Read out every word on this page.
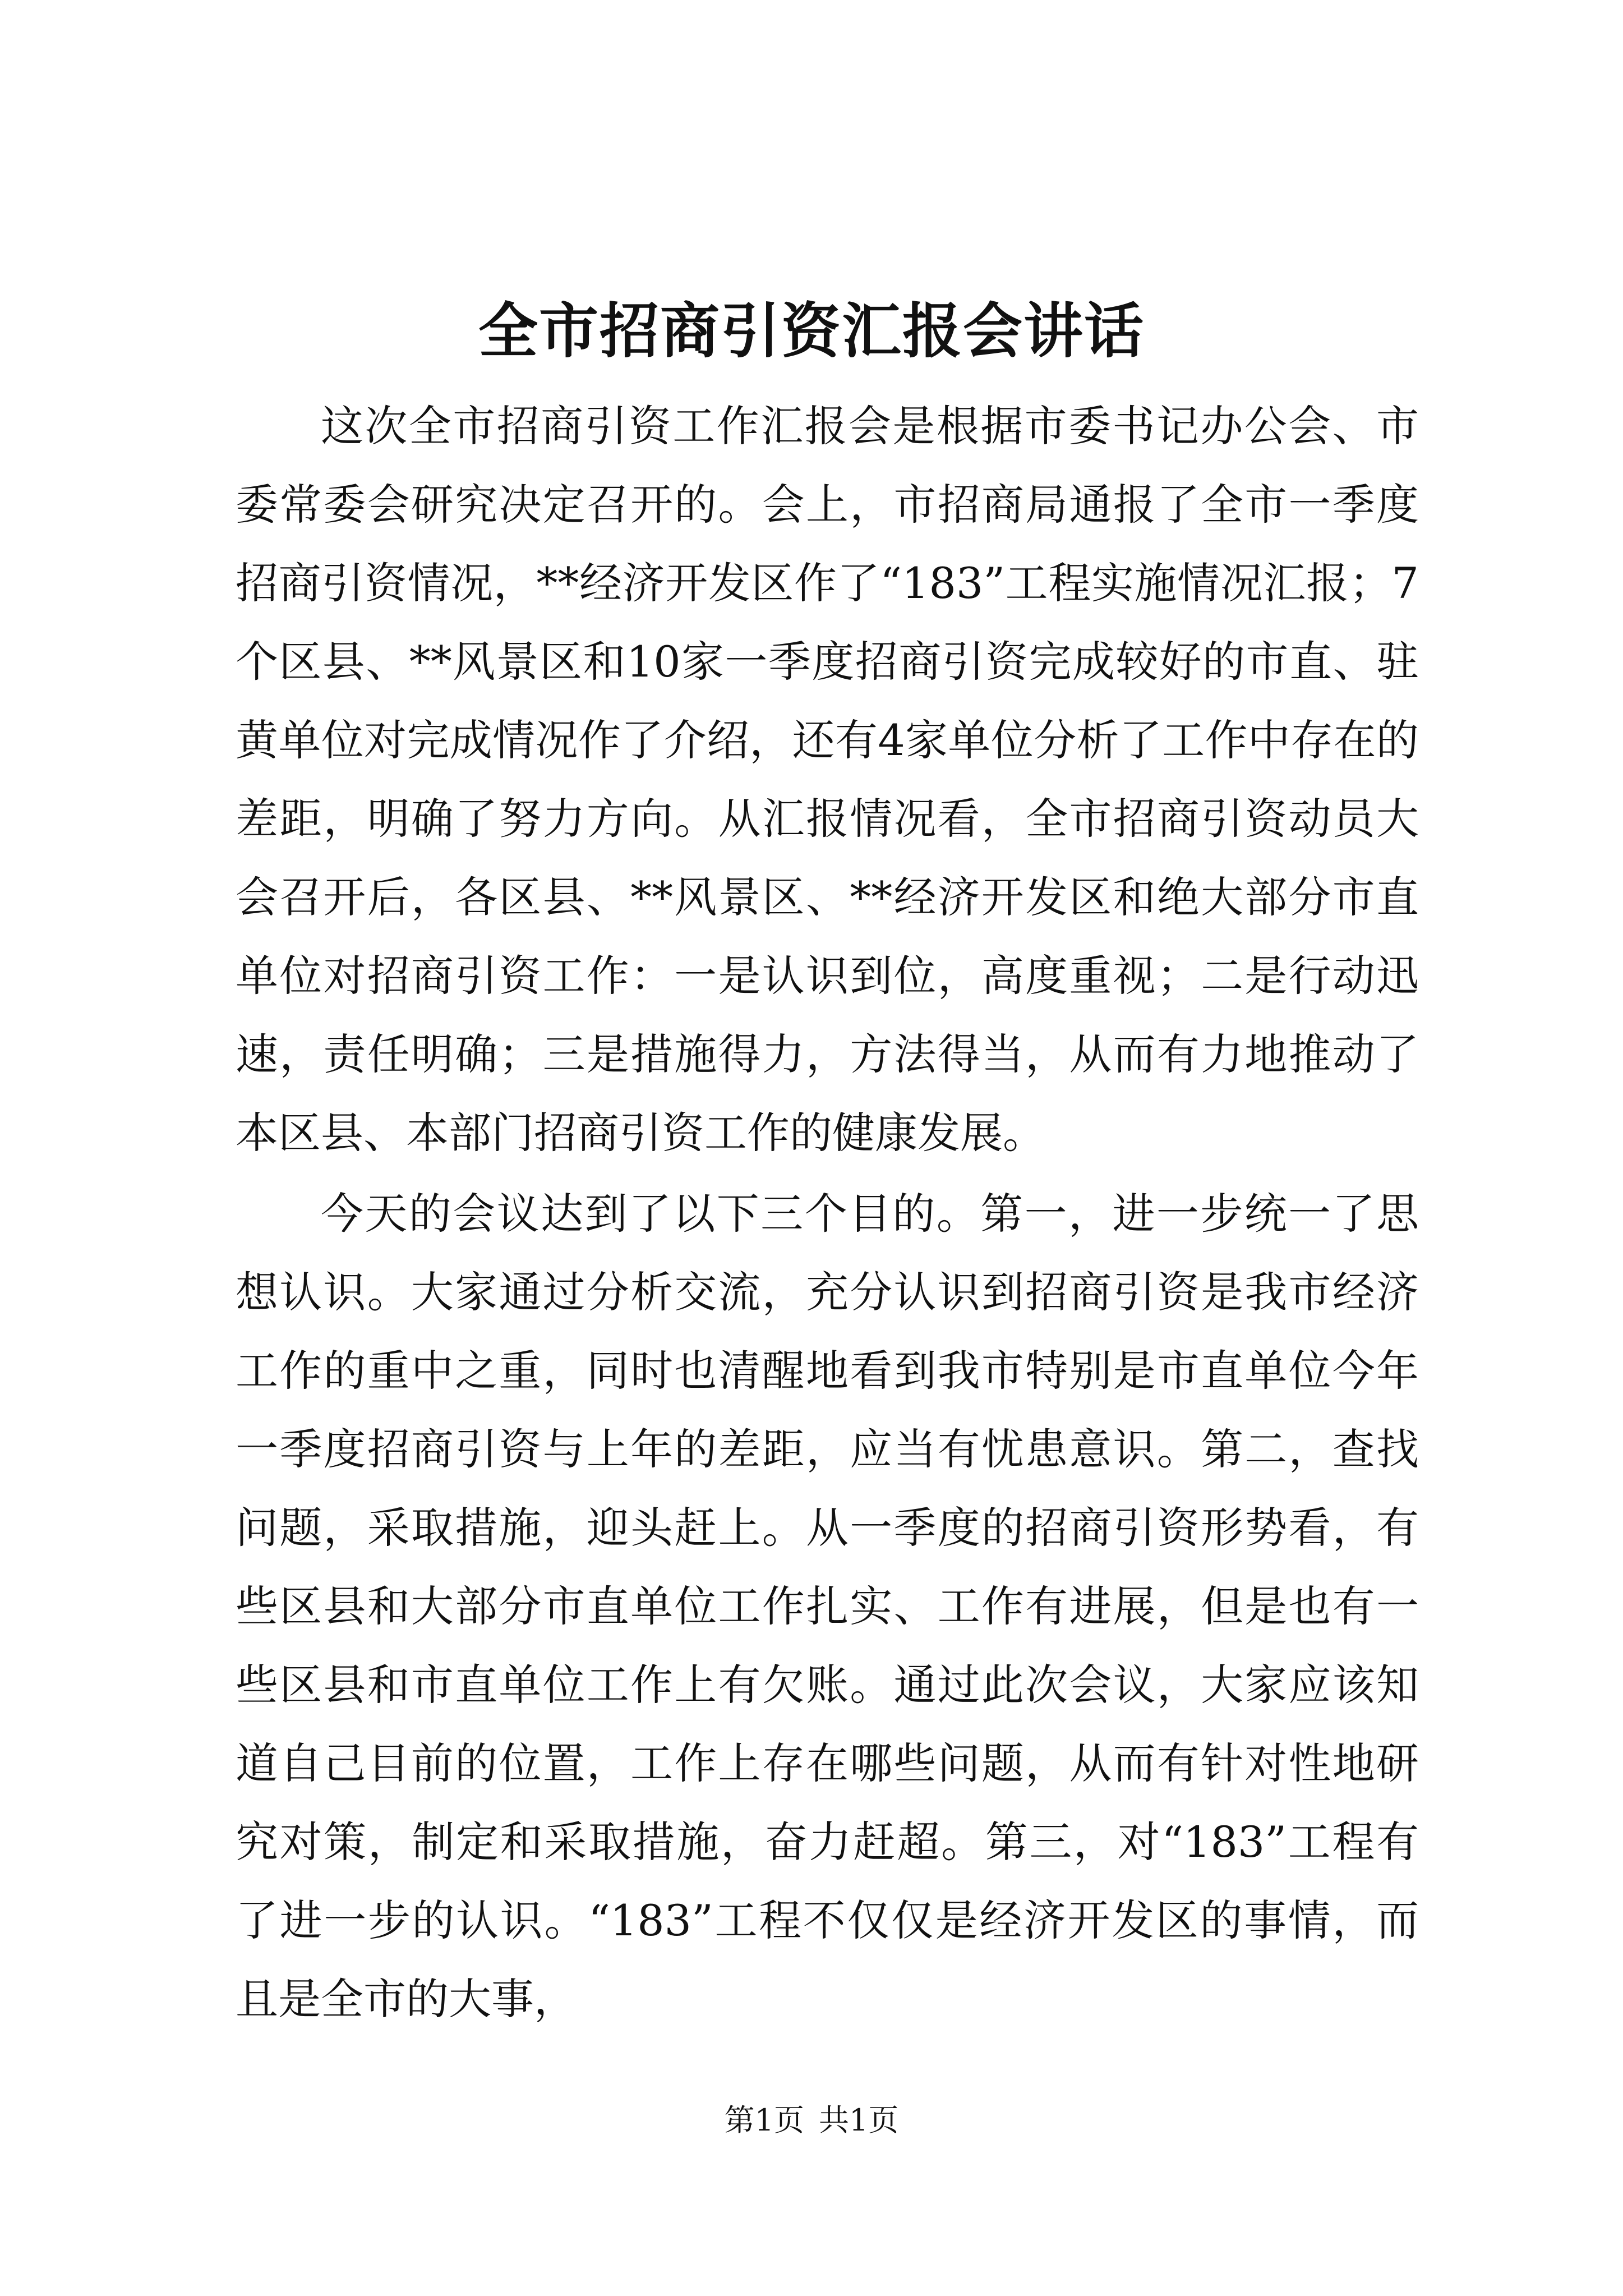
全市招商引资汇报会讲话

这次全市招商引资工作汇报会是根据市委书记办公会、市委常委会研究决定召开的。会上，市招商局通报了全市一季度招商引资情况，**经济开发区作了“183”工程实施情况汇报；7个区县、**风景区和10家一季度招商引资完成较好的市直、驻黄单位对完成情况作了介绍，还有4家单位分析了工作中存在的差距，明确了努力方向。从汇报情况看，全市招商引资动员大会召开后，各区县、**风景区、**经济开发区和绝大部分市直单位对招商引资工作：一是认识到位，高度重视；二是行动迅速，责任明确；三是措施得力，方法得当，从而有力地推动了本区县、本部门招商引资工作的健康发展。

今天的会议达到了以下三个目的。第一，进一步统一了思想认识。大家通过分析交流，充分认识到招商引资是我市经济工作的重中之重，同时也清醒地看到我市特别是市直单位今年一季度招商引资与上年的差距，应当有忧患意识。第二，查找问题，采取措施，迎头赶上。从一季度的招商引资形势看，有些区县和大部分市直单位工作扎实、工作有进展，但是也有一些区县和市直单位工作上有欠账。通过此次会议，大家应该知道自己目前的位置，工作上存在哪些问题，从而有针对性地研究对策，制定和采取措施，奋力赶超。第三，对“183”工程有了进一步的认识。“183”工程不仅仅是经济开发区的事情，而且是全市的大事，

第1页 共1页
